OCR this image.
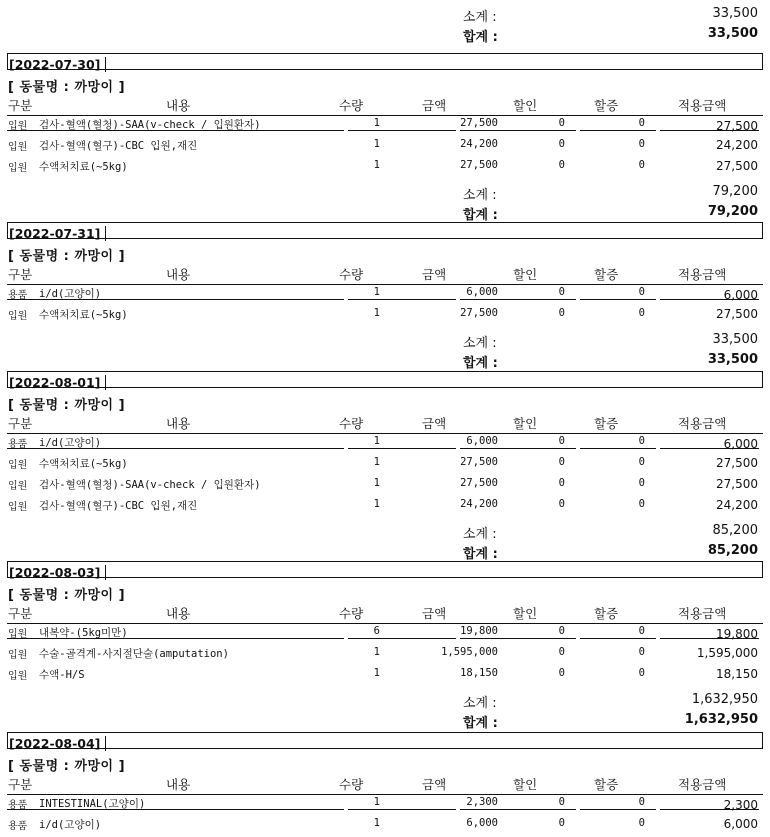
소계 :	33,500
합계 :	33,500
[2022-07-30]
[ 동물명 : 까망이 ]
구분	내용	수량	금액	할인	할증	적용금액
입원 검사-혈액(혈청)-SAA(v-check / 입원환자)	1	27,500	0	0	27,500
입원 검사-혈액(혈구)-CBC 입원,재진	1	24,200	0	0	24,200
입원 수액처치료(~5kg)	1	27,500	0	0	27,500
소계 :	79,200
합계 :	79,200
[2022-07-31]
[ 동물명 : 까망이 ]
구분	내용	수량	금액	할인	할증	적용금액
용품 i/d(고양이)	1	6,000	0	0	6,000
입원 수액처치료(~5kg)	1	27,500	0	0	27,500
소계 :	33,500
합계 :	33,500
[2022-08-01]
[ 동물명 : 까망이 ]
구분	내용	수량	금액	할인	할증	적용금액
용품 i/d(고양이)	1	6,000	0	0	6,000
입원 수액처치료(~5kg)	1	27,500	0	0	27,500
입원 검사-혈액(혈청)-SAA(v-check / 입원환자)	1	27,500	0	0	27,500
입원 검사-혈액(혈구)-CBC 입원,재진	1	24,200	0	0	24,200
소계 :	85,200
합계 :	85,200
[2022-08-03]
[ 동물명 : 까망이 ]
구분	내용	수량	금액	할인	할증	적용금액
입원 내복약-(5kg미만)	6	19,800	0	0	19,800
입원 수술-골격계-사지절단술(amputation)	1	1,595,000	0	0	1,595,000
입원 수액-H/S	1	18,150	0	0	18,150
소계 :	1,632,950
합계 :	1,632,950
[2022-08-04]
[ 동물명 : 까망이 ]
구분	내용	수량	금액	할인	할증	적용금액
용품 INTESTINAL(고양이)	1	2,300	0	0	2,300
용품 i/d(고양이)	1	6,000	0	0	6,000
